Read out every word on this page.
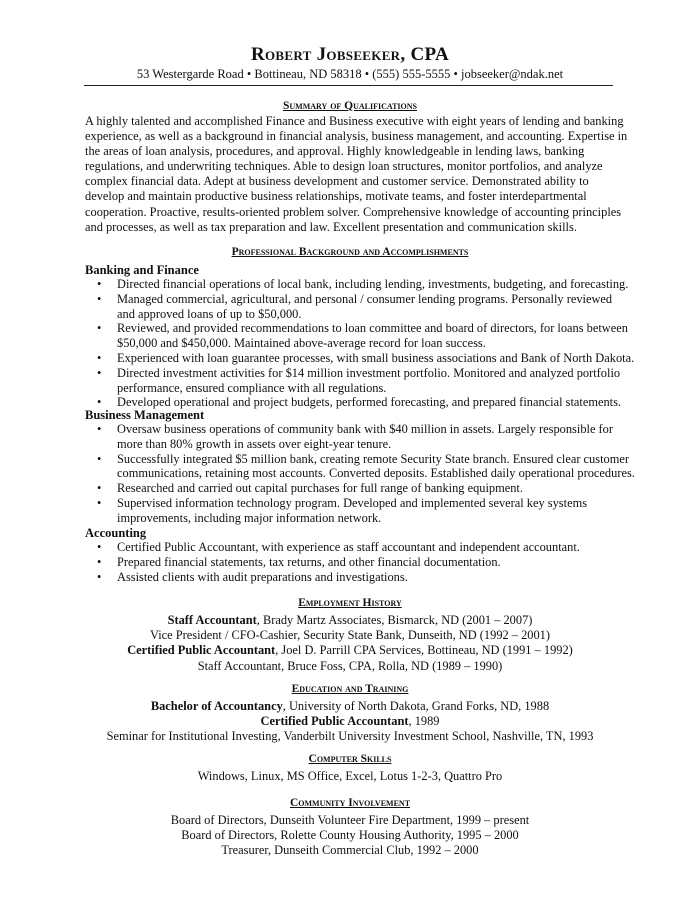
Robert Jobseeker, CPA
53 Westergarde Road • Bottineau, ND 58318 • (555) 555-5555 • jobseeker@ndak.net
Summary of Qualifications
A highly talented and accomplished Finance and Business executive with eight years of lending and banking
experience, as well as a background in financial analysis, business management, and accounting. Expertise in
the areas of loan analysis, procedures, and approval. Highly knowledgeable in lending laws, banking
regulations, and underwriting techniques. Able to design loan structures, monitor portfolios, and analyze
complex financial data. Adept at business development and customer service. Demonstrated ability to
develop and maintain productive business relationships, motivate teams, and foster interdepartmental
cooperation. Proactive, results-oriented problem solver. Comprehensive knowledge of accounting principles
and processes, as well as tax preparation and law. Excellent presentation and communication skills.
Professional Background and Accomplishments
Banking and Finance
• Directed financial operations of local bank, including lending, investments, budgeting, and forecasting.
• Managed commercial, agricultural, and personal / consumer lending programs. Personally reviewed
and approved loans of up to $50,000.
• Reviewed, and provided recommendations to loan committee and board of directors, for loans between
$50,000 and $450,000. Maintained above-average record for loan success.
• Experienced with loan guarantee processes, with small business associations and Bank of North Dakota.
• Directed investment activities for $14 million investment portfolio. Monitored and analyzed portfolio
performance, ensured compliance with all regulations.
• Developed operational and project budgets, performed forecasting, and prepared financial statements.
Business Management
• Oversaw business operations of community bank with $40 million in assets. Largely responsible for
more than 80% growth in assets over eight-year tenure.
• Successfully integrated $5 million bank, creating remote Security State branch. Ensured clear customer
communications, retaining most accounts. Converted deposits. Established daily operational procedures.
• Researched and carried out capital purchases for full range of banking equipment.
• Supervised information technology program. Developed and implemented several key systems
improvements, including major information network.
Accounting
• Certified Public Accountant, with experience as staff accountant and independent accountant.
• Prepared financial statements, tax returns, and other financial documentation.
• Assisted clients with audit preparations and investigations.
Employment History
Staff Accountant, Brady Martz Associates, Bismarck, ND (2001 – 2007)
Vice President / CFO-Cashier, Security State Bank, Dunseith, ND (1992 – 2001)
Certified Public Accountant, Joel D. Parrill CPA Services, Bottineau, ND (1991 – 1992)
Staff Accountant, Bruce Foss, CPA, Rolla, ND (1989 – 1990)
Education and Training
Bachelor of Accountancy, University of North Dakota, Grand Forks, ND, 1988
Certified Public Accountant, 1989
Seminar for Institutional Investing, Vanderbilt University Investment School, Nashville, TN, 1993
Computer Skills
Windows, Linux, MS Office, Excel, Lotus 1-2-3, Quattro Pro
Community Involvement
Board of Directors, Dunseith Volunteer Fire Department, 1999 – present
Board of Directors, Rolette County Housing Authority, 1995 – 2000
Treasurer, Dunseith Commercial Club, 1992 – 2000
